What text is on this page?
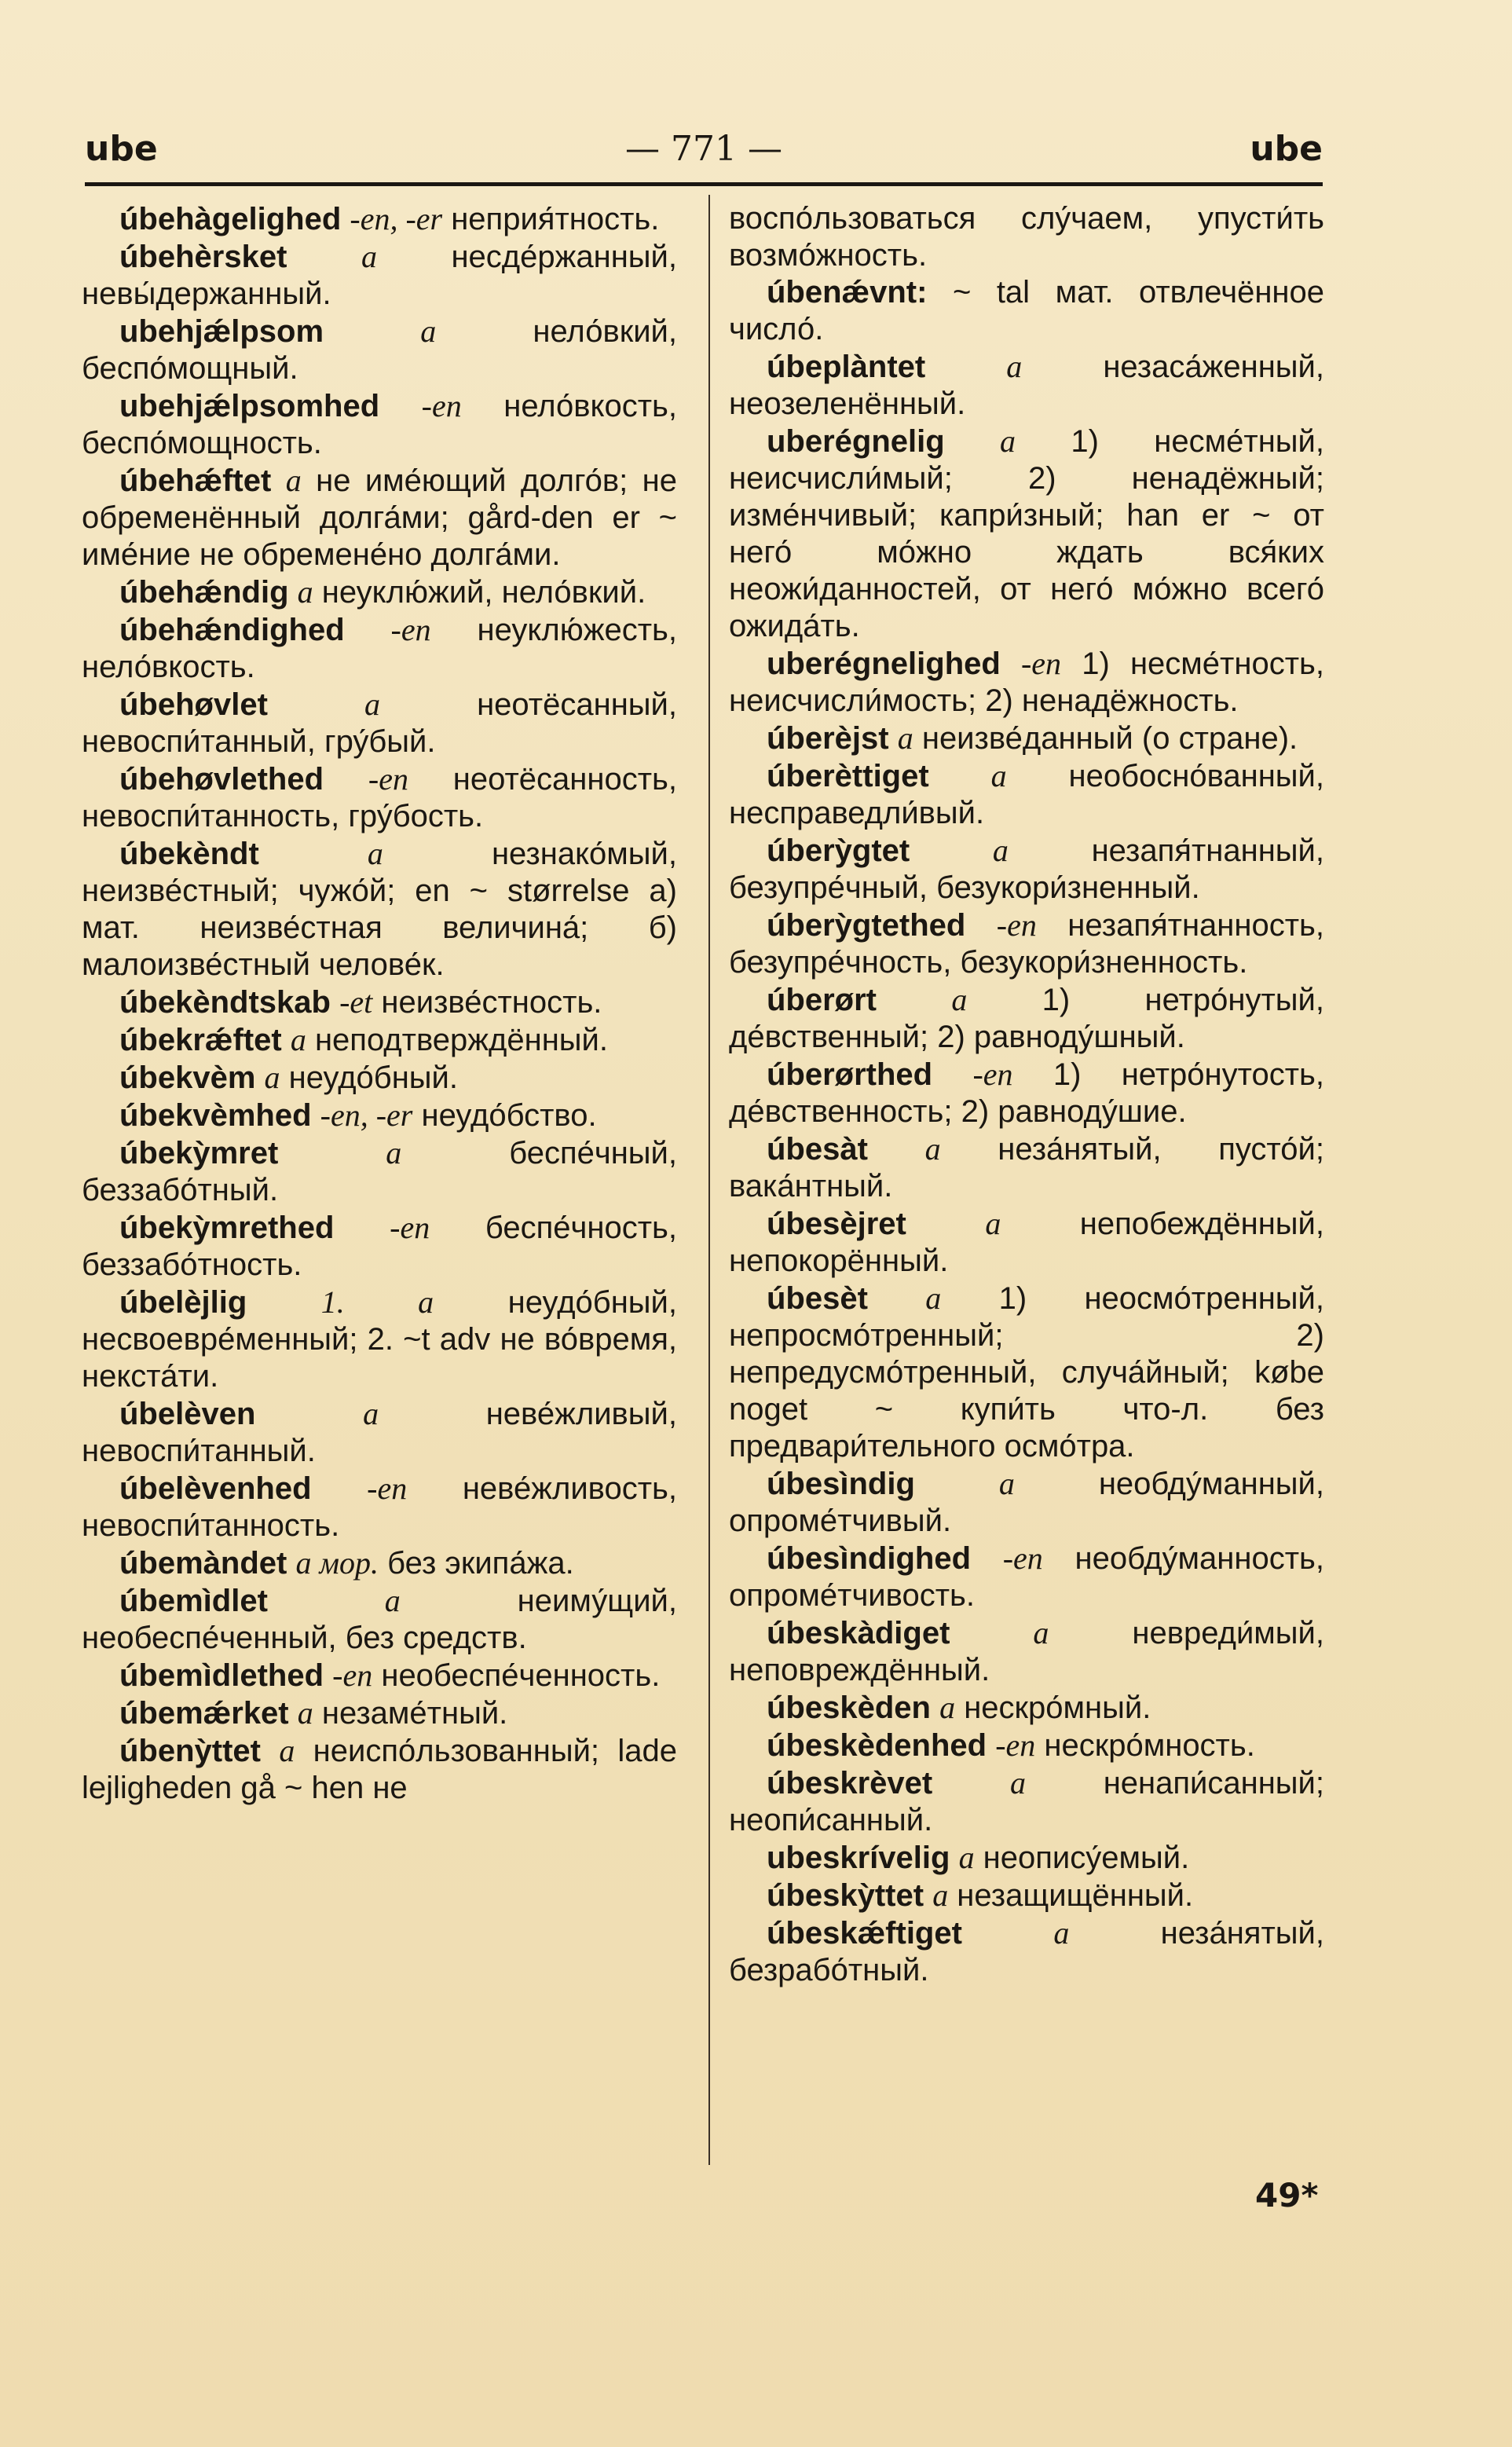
ube	— 771 —	ube

úbehàgelighed -en, -er неприя́тность.

úbehèrsket a несде́ржанный, невы́держанный.

ubehjǽlpsom	a нело́вкий, беспо́мощный.

ubehjǽlpsomhed -en нело́вкость, беспо́мощность.

úbehǽftet a не име́ющий долго́в; не обременённый долга́ми; gård-den er ~ име́ние не обремене́но долга́ми.

úbehǽndig a неуклю́жий, нело́вкий.

úbehǽndighed -en неуклю́жесть, нело́вкость.

úbehøvlet	a неотёсанный, невоспи́танный, гру́бый.

úbehøvlethed -en неотёсанность, невоспи́танность, гру́бость.

úbekèndt	a незнако́мый, неизве́стный; чужо́й; en ~ størrelse а) мат. неизве́стная величина́; б) малоизве́стный челове́к.

úbekèndtskab -et неизве́стность.

úbekrǽftet a неподтверждённый.

úbekvèm a неудо́бный.

úbekvèmhed -en, -er неудо́бство.

úbekỳmret	a беспе́чный, беззабо́тный.

úbekỳmrethed -en беспе́чность, беззабо́тность.

úbelèjlig 1. a неудо́бный, несвоевре́менный; 2. ~t adv не во́время, некста́ти.

úbelèven	a неве́жливый, невоспи́танный.

úbelèvenhed -en неве́жливость, невоспи́танность.

úbemàndet a мор. без экипа́жа.

úbemìdlet	a неиму́щий, необеспе́ченный, без средств.

úbemìdlethed -en необеспе́ченность.

úbemǽrket a незаме́тный.

úbenỳttet a неиспо́льзованный; lade lejligheden gå ~ hen не

воспо́льзоваться слу́чаем, упусти́ть возмо́жность.

úbenǽvnt: ~ tal мат. отвлечённое число́.

úbeplàntet	a незаса́женный, неозеленённый.

uberégnelig a 1) несме́тный, неисчисли́мый; 2) ненадёжный; изме́нчивый; капри́зный; han er ~ от него́ мо́жно ждать вся́ких неожи́данностей, от него́ мо́жно всего́ ожида́ть.

uberégnelighed -en 1) несме́тность, неисчисли́мость; 2) ненадёжность.

úberèjst a неизве́данный (о стране).

úberèttiget a необосно́ванный, несправедли́вый.

úberỳgtet	a незапя́тнанный, безупре́чный, безукори́зненный.

úberỳgtethed -en незапя́тнанность, безупре́чность, безукори́зненность.

úberørt a 1) нетро́нутый, де́вственный; 2) равноду́шный.

úberørthed -en 1) нетро́нутость, де́вственность; 2) равноду́шие.

úbesàt a неза́нятый, пусто́й; вака́нтный.

úbesèjret	a непобеждённый, непокорённый.

úbesèt a 1) неосмо́тренный, непросмо́тренный; 2) непредусмо́тренный, случа́йный; købe noget ~ купи́ть что-л. без предвари́тельного осмо́тра.

úbesìndig	a необду́манный, опроме́тчивый.

úbesìndighed -en необду́манность, опроме́тчивость.

úbeskàdiget	a невреди́мый, неповреждённый.

úbeskèden a нескро́мный.

úbeskèdenhed -en нескро́мность.

úbeskrèvet a ненапи́санный; неопи́санный.

ubeskrívelig a неопису́емый.

úbeskỳttet a незащищённый.

úbeskǽftiget	a неза́нятый, безрабо́тный.

49*
